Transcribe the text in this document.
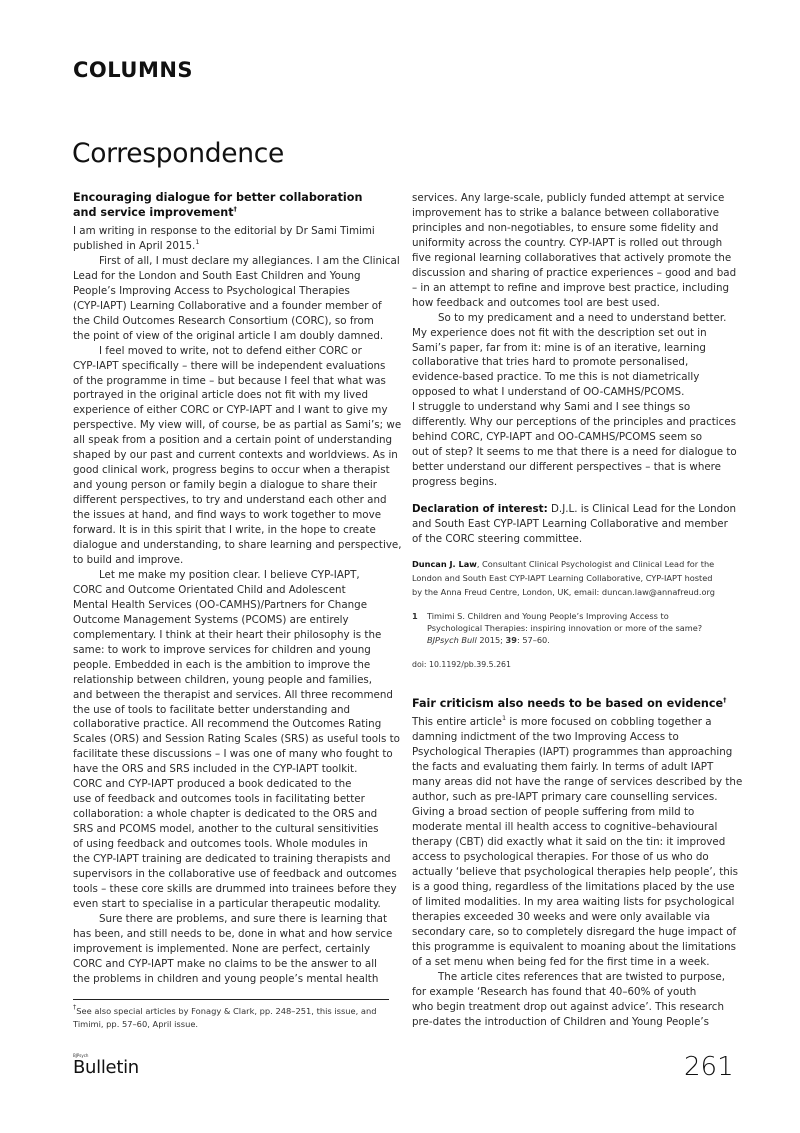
COLUMNS
Correspondence
Encouraging dialogue for better collaboration
and service improvement†
I am writing in response to the editorial by Dr Sami Timimi
published in April 2015.$^1$
First of all, I must declare my allegiances. I am the Clinical
Lead for the London and South East Children and Young
People’s Improving Access to Psychological Therapies
(CYP-IAPT) Learning Collaborative and a founder member of
the Child Outcomes Research Consortium (CORC), so from
the point of view of the original article I am doubly damned.
I feel moved to write, not to defend either CORC or
CYP-IAPT specifically – there will be independent evaluations
of the programme in time – but because I feel that what was
portrayed in the original article does not fit with my lived
experience of either CORC or CYP-IAPT and I want to give my
perspective. My view will, of course, be as partial as Sami’s; we
all speak from a position and a certain point of understanding
shaped by our past and current contexts and worldviews. As in
good clinical work, progress begins to occur when a therapist
and young person or family begin a dialogue to share their
different perspectives, to try and understand each other and
the issues at hand, and find ways to work together to move
forward. It is in this spirit that I write, in the hope to create
dialogue and understanding, to share learning and perspective,
to build and improve.
Let me make my position clear. I believe CYP-IAPT,
CORC and Outcome Orientated Child and Adolescent
Mental Health Services (OO-CAMHS)/Partners for Change
Outcome Management Systems (PCOMS) are entirely
complementary. I think at their heart their philosophy is the
same: to work to improve services for children and young
people. Embedded in each is the ambition to improve the
relationship between children, young people and families,
and between the therapist and services. All three recommend
the use of tools to facilitate better understanding and
collaborative practice. All recommend the Outcomes Rating
Scales (ORS) and Session Rating Scales (SRS) as useful tools to
facilitate these discussions – I was one of many who fought to
have the ORS and SRS included in the CYP-IAPT toolkit.
CORC and CYP-IAPT produced a book dedicated to the
use of feedback and outcomes tools in facilitating better
collaboration: a whole chapter is dedicated to the ORS and
SRS and PCOMS model, another to the cultural sensitivities
of using feedback and outcomes tools. Whole modules in
the CYP-IAPT training are dedicated to training therapists and
supervisors in the collaborative use of feedback and outcomes
tools – these core skills are drummed into trainees before they
even start to specialise in a particular therapeutic modality.
Sure there are problems, and sure there is learning that
has been, and still needs to be, done in what and how service
improvement is implemented. None are perfect, certainly
CORC and CYP-IAPT make no claims to be the answer to all
the problems in children and young people’s mental health
services. Any large-scale, publicly funded attempt at service
improvement has to strike a balance between collaborative
principles and non-negotiables, to ensure some fidelity and
uniformity across the country. CYP-IAPT is rolled out through
five regional learning collaboratives that actively promote the
discussion and sharing of practice experiences – good and bad
– in an attempt to refine and improve best practice, including
how feedback and outcomes tool are best used.
So to my predicament and a need to understand better.
My experience does not fit with the description set out in
Sami’s paper, far from it: mine is of an iterative, learning
collaborative that tries hard to promote personalised,
evidence-based practice. To me this is not diametrically
opposed to what I understand of OO-CAMHS/PCOMS.
I struggle to understand why Sami and I see things so
differently. Why our perceptions of the principles and practices
behind CORC, CYP-IAPT and OO-CAMHS/PCOMS seem so
out of step? It seems to me that there is a need for dialogue to
better understand our different perspectives – that is where
progress begins.
Declaration of interest: D.J.L. is Clinical Lead for the London
and South East CYP-IAPT Learning Collaborative and member
of the CORC steering committee.
Duncan J. Law, Consultant Clinical Psychologist and Clinical Lead for the
London and South East CYP-IAPT Learning Collaborative, CYP-IAPT hosted
by the Anna Freud Centre, London, UK, email: duncan.law@annafreud.org
1	Timimi S. Children and Young People’s Improving Access to
Psychological Therapies: inspiring innovation or more of the same?
BJPsych Bull 2015; 39: 57–60.
doi: 10.1192/pb.39.5.261
Fair criticism also needs to be based on evidence†
This entire article$^1$ is more focused on cobbling together a
damning indictment of the two Improving Access to
Psychological Therapies (IAPT) programmes than approaching
the facts and evaluating them fairly. In terms of adult IAPT
many areas did not have the range of services described by the
author, such as pre-IAPT primary care counselling services.
Giving a broad section of people suffering from mild to
moderate mental ill health access to cognitive–behavioural
therapy (CBT) did exactly what it said on the tin: it improved
access to psychological therapies. For those of us who do
actually ‘believe that psychological therapies help people’, this
is a good thing, regardless of the limitations placed by the use
of limited modalities. In my area waiting lists for psychological
therapies exceeded 30 weeks and were only available via
secondary care, so to completely disregard the huge impact of
this programme is equivalent to moaning about the limitations
of a set menu when being fed for the first time in a week.
The article cites references that are twisted to purpose,
for example ‘Research has found that 40–60% of youth
who begin treatment drop out against advice’. This research
pre-dates the introduction of Children and Young People’s
†See also special articles by Fonagy & Clark, pp. 248–251, this issue, and
Timimi, pp. 57–60, April issue.
BJPsych
Bulletin	261
